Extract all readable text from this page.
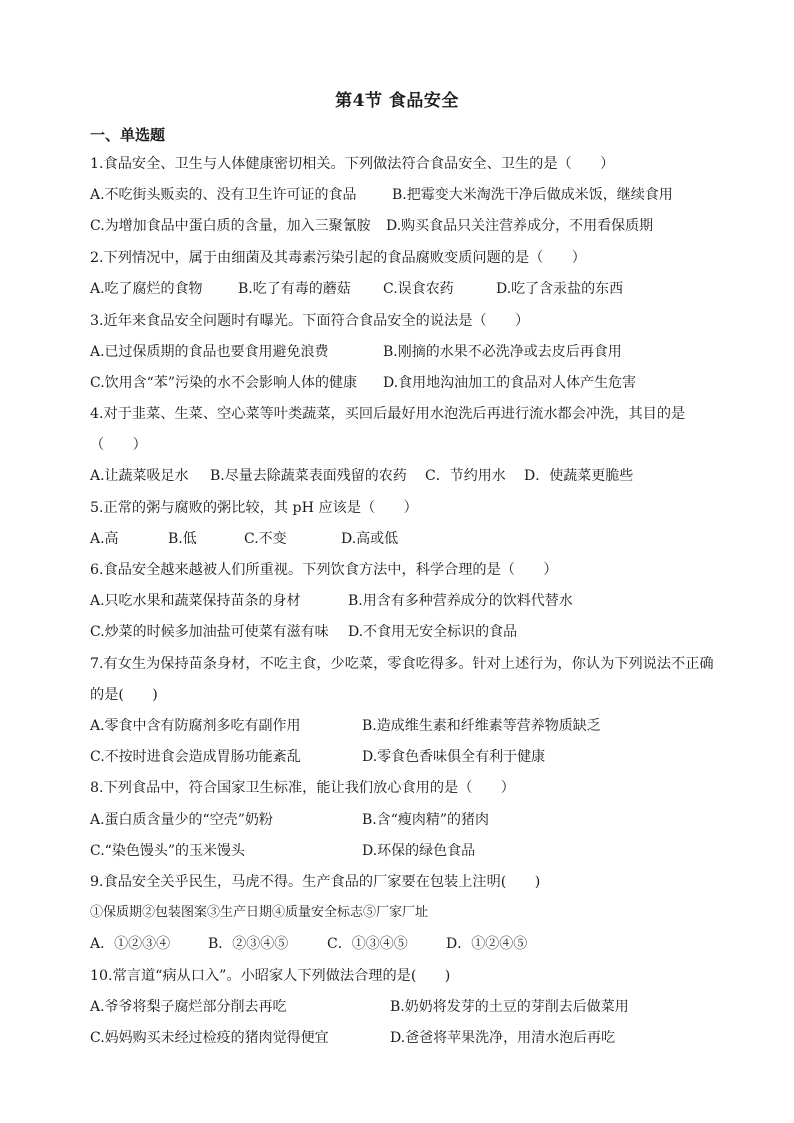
第4节 食品安全
一、单选题
1.食品安全、卫生与人体健康密切相关。下列做法符合食品安全、卫生的是（　　）
A.不吃街头贩卖的、没有卫生许可证的食品	B.把霉变大米淘洗干净后做成米饭，继续食用
C.为增加食品中蛋白质的含量，加入三聚氰胺 D.购买食品只关注营养成分，不用看保质期
2.下列情况中，属于由细菌及其毒素污染引起的食品腐败变质问题的是（　　）
A.吃了腐烂的食物	B.吃了有毒的蘑菇 C.误食农药	D.吃了含汞盐的东西
3.近年来食品安全问题时有曝光。下面符合食品安全的说法是（　　）
A.已过保质期的食品也要食用避免浪费	B.刚摘的水果不必洗净或去皮后再食用
C.饮用含“苯”污染的水不会影响人体的健康 D.食用地沟油加工的食品对人体产生危害
4.对于韭菜、生菜、空心菜等叶类蔬菜，买回后最好用水泡洗后再进行流水都会冲洗，其目的是
（　　）
A.让蔬菜吸足水 B.尽量去除蔬菜表面残留的农药 C．节约用水 D．使蔬菜更脆些
5.正常的粥与腐败的粥比较，其 pH 应该是（　　）
A.高	B.低	C.不变	D.高或低
6.食品安全越来越被人们所重视。下列饮食方法中，科学合理的是（　　）
A.只吃水果和蔬菜保持苗条的身材	B.用含有多种营养成分的饮料代替水
C.炒菜的时候多加油盐可使菜有滋有味 D.不食用无安全标识的食品
7.有女生为保持苗条身材，不吃主食，少吃菜，零食吃得多。针对上述行为，你认为下列说法不正确
的是(　　)
A.零食中含有防腐剂多吃有副作用	B.造成维生素和纤维素等营养物质缺乏
C.不按时进食会造成胃肠功能紊乱	D.零食色香味俱全有利于健康
8.下列食品中，符合国家卫生标准，能让我们放心食用的是（　　）
A.蛋白质含量少的“空壳”奶粉	B.含“瘦肉精”的猪肉
C.“染色馒头”的玉米馒头	D.环保的绿色食品
9.食品安全关乎民生，马虎不得。生产食品的厂家要在包装上注明(　　)
①保质期②包装图案③生产日期④质量安全标志⑤厂家厂址
A．①②③④	B．②③④⑤	C．①③④⑤	D．①②④⑤
10.常言道“病从口入”。小昭家人下列做法合理的是(　　)
A.爷爷将梨子腐烂部分削去再吃	B.奶奶将发芽的土豆的芽削去后做菜用
C.妈妈购买未经过检疫的猪肉觉得便宜	D.爸爸将苹果洗净，用清水泡后再吃
